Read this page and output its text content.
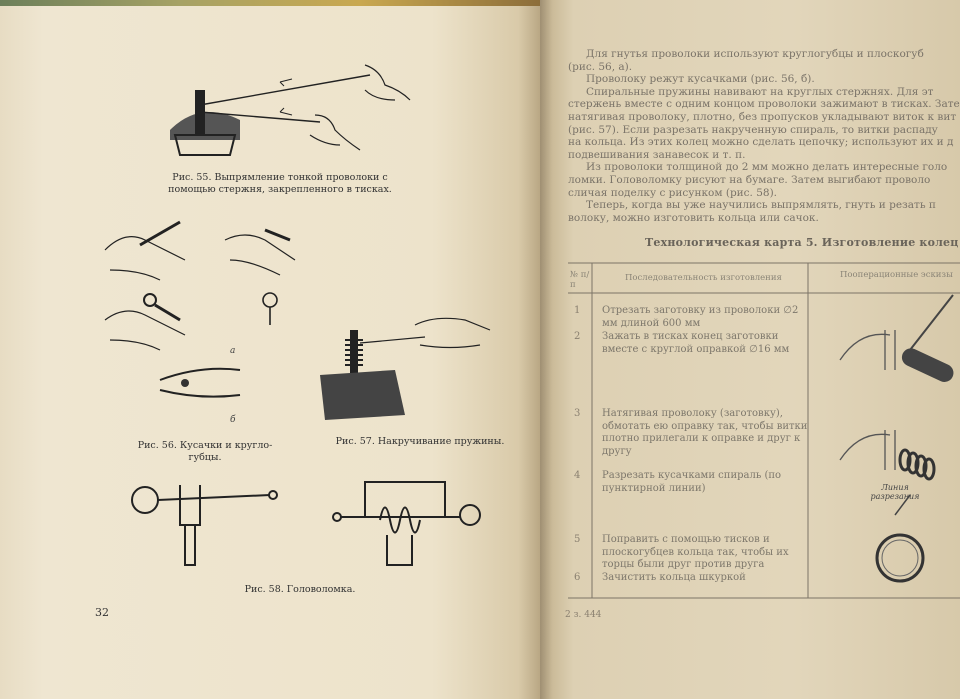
Рис. 55. Выпрямление тонкой проволоки с помощью стержня, закрепленного в тисках.
а
б
Рис. 56. Кусачки и кругло-губцы.
Рис. 57. Накручивание пружины.
Рис. 58. Головоломка.
32

Для гнутья проволоки используют круглогубцы и плоскогуб

(рис. 56, а).

Проволоку режут кусачками (рис. 56, б).

Спиральные пружины навивают на круглых стержнях. Для эт

стержень вместе с одним концом проволоки зажимают в тисках. Зате

натягивая проволоку, плотно, без пропусков укладывают виток к вит

(рис. 57). Если разрезать накрученную спираль, то витки распаду

на кольца. Из этих колец можно сделать цепочку; используют их и д

подвешивания занавесок и т. п.

Из проволоки толщиной до 2 мм можно делать интересные голо

ломки. Головоломку рисуют на бумаге. Затем выгибают проволо

сличая поделку с рисунком (рис. 58).

Теперь, когда вы уже научились выпрямлять, гнуть и резать п

волоку, можно изготовить кольца или сачок.

Технологическая карта 5. Изготовление колец
№ п/п
Последовательность изготовления	Пооперационные эскизы
1 Отрезать заготовку из проволоки ∅2 мм длиной 600 мм
2 Зажать в тисках конец заготовки вместе с круглой оправкой ∅16 мм
3 Натягивая проволоку (заготовку), обмотать ею оправку так, чтобы витки плотно прилегали к оправке и друг к другу
4 Разрезать кусачками спираль (по пунктирной линии)
5 Поправить с помощью тисков и плоскогубцев кольца так, чтобы их торцы были друг против друга
6 Зачистить кольца шкуркой
Линия разрезания
2 з. 444
